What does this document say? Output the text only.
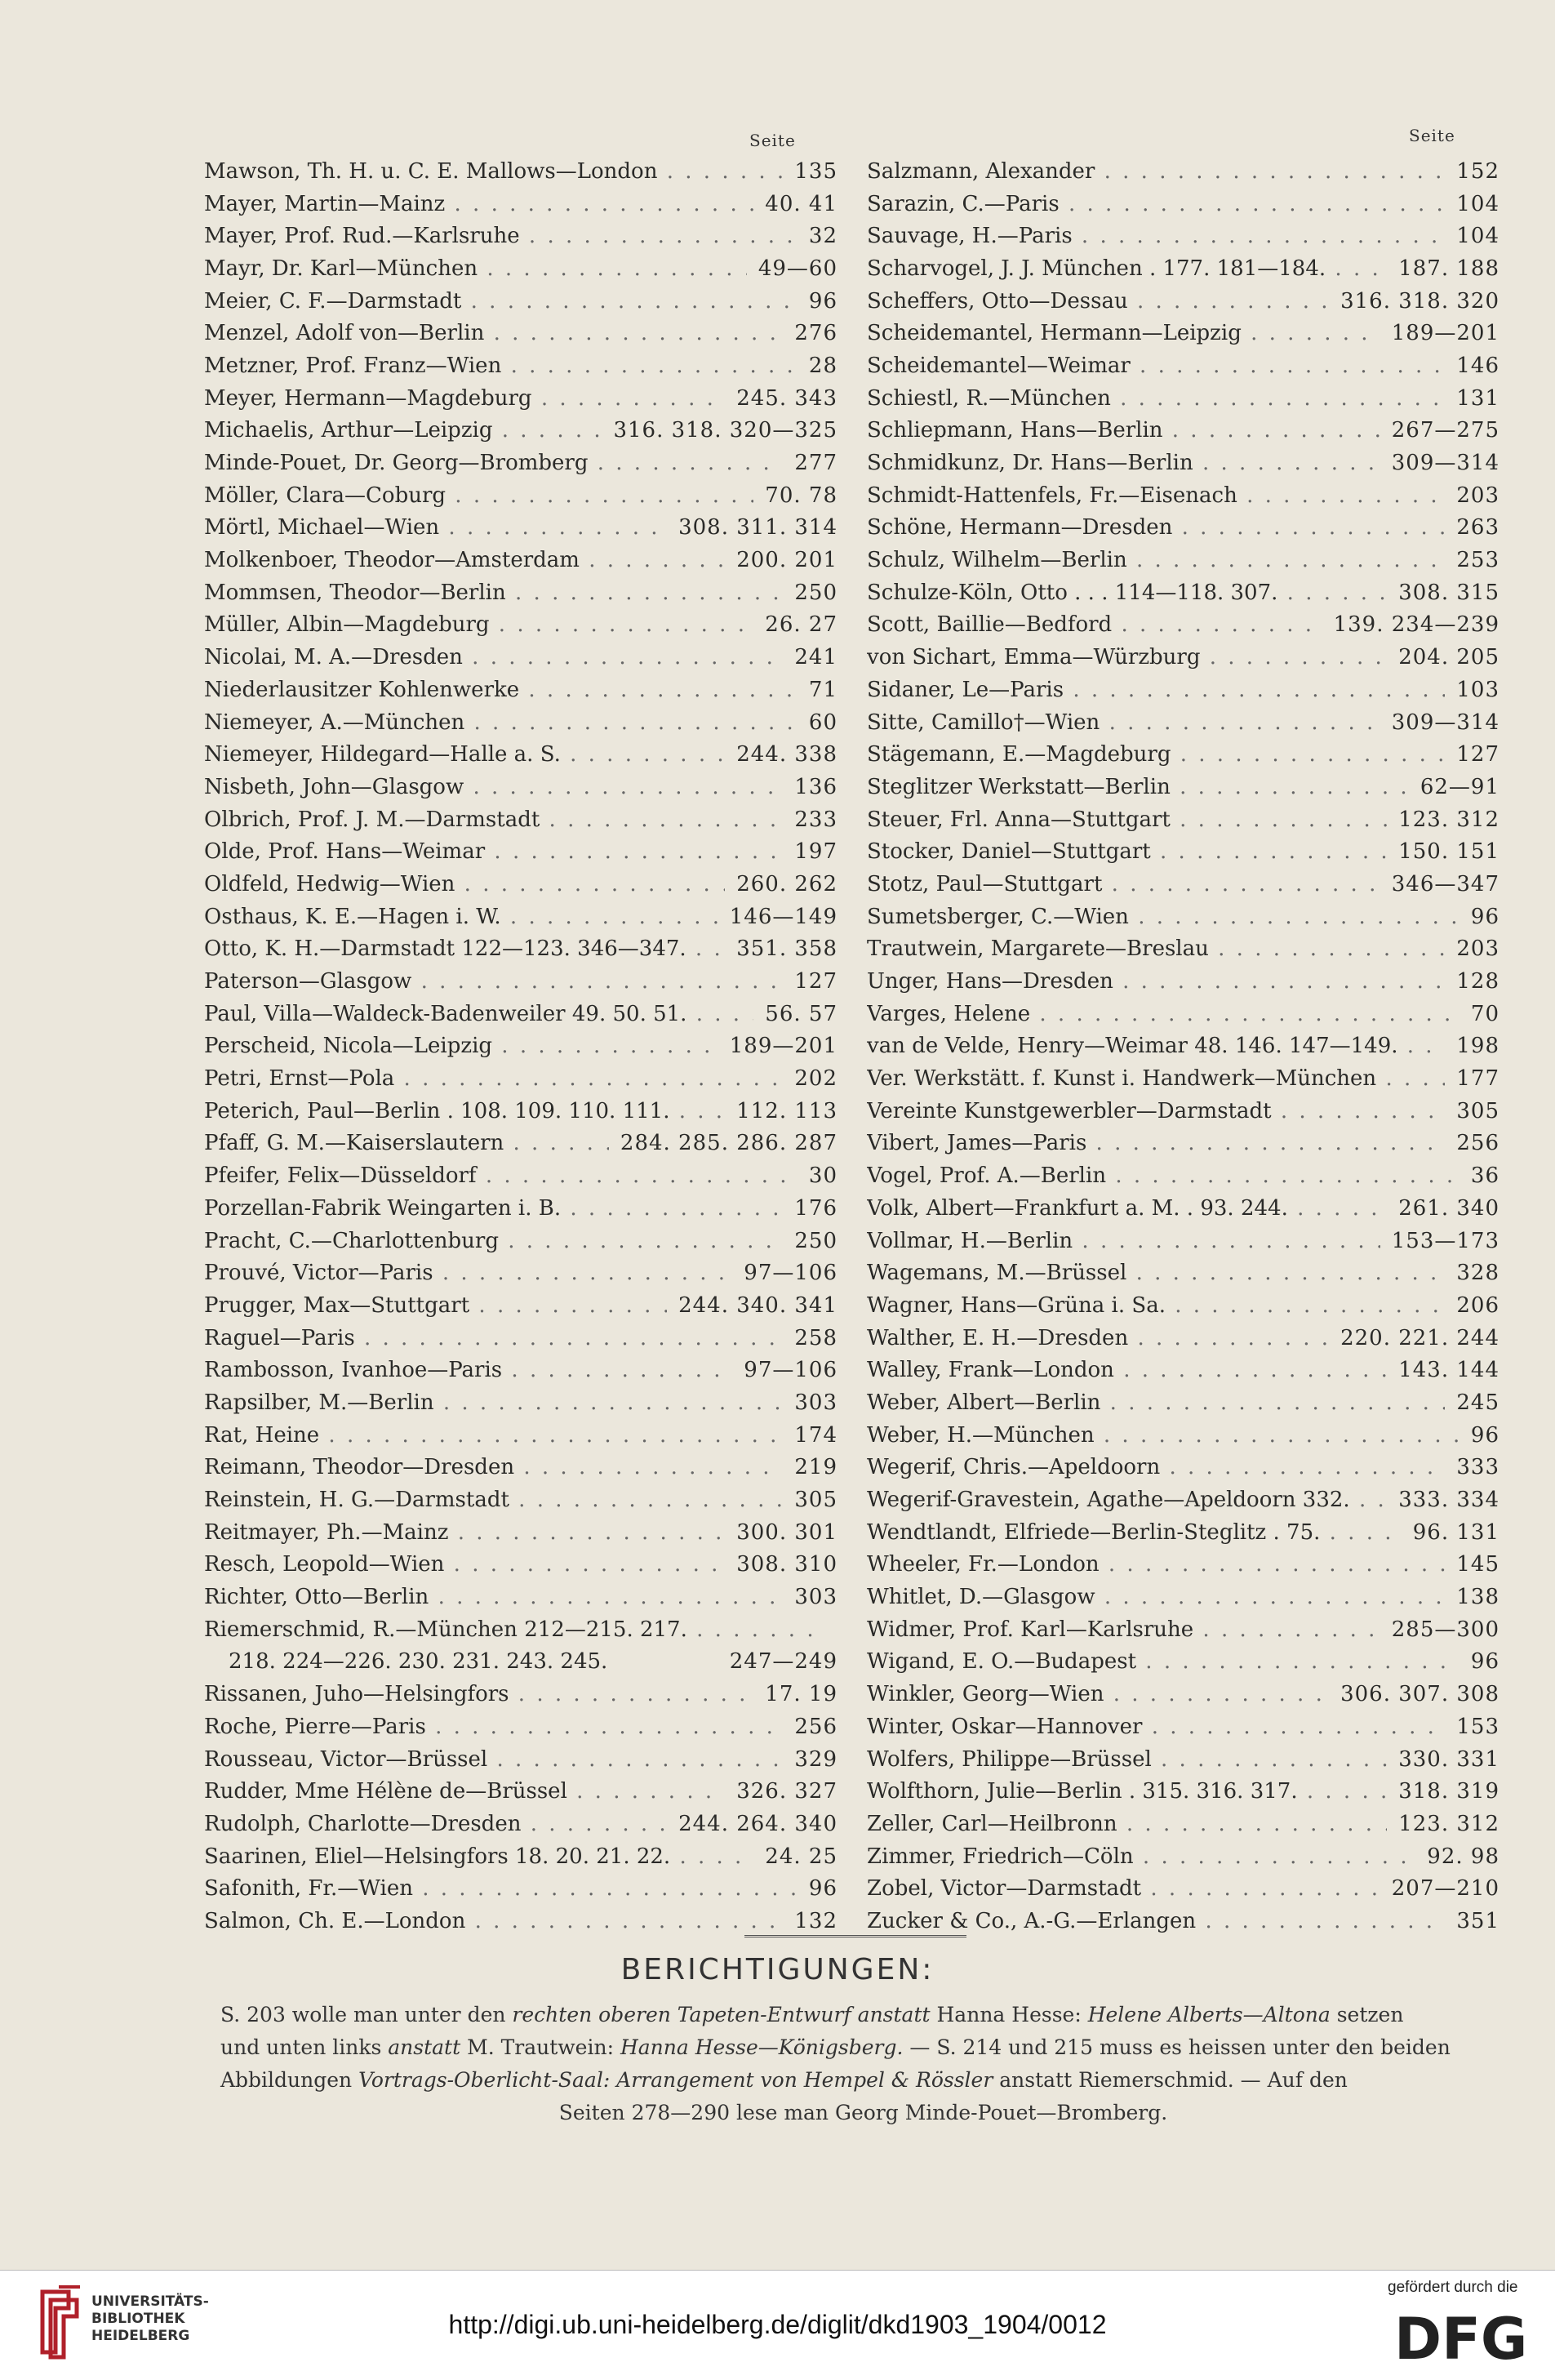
Seite	Seite
Mawson, Th. H. u. C. E. Mallows—London . . .	135
Mayer, Martin—Mainz . . .	40. 41
Mayer, Prof. Rud.—Karlsruhe . . .	32
Mayr, Dr. Karl—München . . .	49—60
Meier, C. F.—Darmstadt . . .	96
Menzel, Adolf von—Berlin . . .	276
Metzner, Prof. Franz—Wien . . .	28
Meyer, Hermann—Magdeburg . . .	245. 343
Michaelis, Arthur—Leipzig . . .	316. 318. 320—325
Minde-Pouet, Dr. Georg—Bromberg . . .	277
Möller, Clara—Coburg . . .	70. 78
Mörtl, Michael—Wien . . .	308. 311. 314
Molkenboer, Theodor—Amsterdam . . .	200. 201
Mommsen, Theodor—Berlin . . .	250
Müller, Albin—Magdeburg . . .	26. 27
Nicolai, M. A.—Dresden . . .	241
Niederlausitzer Kohlenwerke . . .	71
Niemeyer, A.—München . . .	60
Niemeyer, Hildegard—Halle a. S. . . .	244. 338
Nisbeth, John—Glasgow . . .	136
Olbrich, Prof. J. M.—Darmstadt . . .	233
Olde, Prof. Hans—Weimar . . .	197
Oldfeld, Hedwig—Wien . . .	260. 262
Osthaus, K. E.—Hagen i. W. . . .	146—149
Otto, K. H.—Darmstadt 122—123. 346—347. . . .	351. 358
Paterson—Glasgow . . .	127
Paul, Villa—Waldeck-Badenweiler 49. 50. 51. . . .	56. 57
Perscheid, Nicola—Leipzig . . .	189—201
Petri, Ernst—Pola . . .	202
Peterich, Paul—Berlin . 108. 109. 110. 111. . . .	112. 113
Pfaff, G. M.—Kaiserslautern . . .	284. 285. 286. 287
Pfeifer, Felix—Düsseldorf . . .	30
Porzellan-Fabrik Weingarten i. B. . . .	176
Pracht, C.—Charlottenburg . . .	250
Prouvé, Victor—Paris . . .	97—106
Prugger, Max—Stuttgart . . .	244. 340. 341
Raguel—Paris . . .	258
Rambosson, Ivanhoe—Paris . . .	97—106
Rapsilber, M.—Berlin . . .	303
Rat, Heine . . .	174
Reimann, Theodor—Dresden . . .	219
Reinstein, H. G.—Darmstadt . . .	305
Reitmayer, Ph.—Mainz . . .	300. 301
Resch, Leopold—Wien . . .	308. 310
Richter, Otto—Berlin . . .	303
Riemerschmid, R.—München 212—215. 217. . . .
218. 224—226. 230. 231. 243. 245.	247—249
Rissanen, Juho—Helsingfors . . .	17. 19
Roche, Pierre—Paris . . .	256
Rousseau, Victor—Brüssel . . .	329
Rudder, Mme Hélène de—Brüssel . . .	326. 327
Rudolph, Charlotte—Dresden . . .	244. 264. 340
Saarinen, Eliel—Helsingfors 18. 20. 21. 22. . . .	24. 25
Safonith, Fr.—Wien . . .	96
Salmon, Ch. E.—London . . .	132
Salzmann, Alexander . . .	152
Sarazin, C.—Paris . . .	104
Sauvage, H.—Paris . . .	104
Scharvogel, J. J. München . 177. 181—184. . . .	187. 188
Scheffers, Otto—Dessau . . .	316. 318. 320
Scheidemantel, Hermann—Leipzig . . .	189—201
Scheidemantel—Weimar . . .	146
Schiestl, R.—München . . .	131
Schliepmann, Hans—Berlin . . .	267—275
Schmidkunz, Dr. Hans—Berlin . . .	309—314
Schmidt-Hattenfels, Fr.—Eisenach . . .	203
Schöne, Hermann—Dresden . . .	263
Schulz, Wilhelm—Berlin . . .	253
Schulze-Köln, Otto . . . 114—118. 307. . . .	308. 315
Scott, Baillie—Bedford . . .	139. 234—239
von Sichart, Emma—Würzburg . . .	204. 205
Sidaner, Le—Paris . . .	103
Sitte, Camillo†—Wien . . .	309—314
Stägemann, E.—Magdeburg . . .	127
Steglitzer Werkstatt—Berlin . . .	62—91
Steuer, Frl. Anna—Stuttgart . . .	123. 312
Stocker, Daniel—Stuttgart . . .	150. 151
Stotz, Paul—Stuttgart . . .	346—347
Sumetsberger, C.—Wien . . .	96
Trautwein, Margarete—Breslau . . .	203
Unger, Hans—Dresden . . .	128
Varges, Helene . . .	70
van de Velde, Henry—Weimar 48. 146. 147—149. . . .	198
Ver. Werkstätt. f. Kunst i. Handwerk—München . . .	177
Vereinte Kunstgewerbler—Darmstadt . . .	305
Vibert, James—Paris . . .	256
Vogel, Prof. A.—Berlin . . .	36
Volk, Albert—Frankfurt a. M. . 93. 244. . . .	261. 340
Vollmar, H.—Berlin . . .	153—173
Wagemans, M.—Brüssel . . .	328
Wagner, Hans—Grüna i. Sa. . . .	206
Walther, E. H.—Dresden . . .	220. 221. 244
Walley, Frank—London . . .	143. 144
Weber, Albert—Berlin . . .	245
Weber, H.—München . . .	96
Wegerif, Chris.—Apeldoorn . . .	333
Wegerif-Gravestein, Agathe—Apeldoorn 332. . . .	333. 334
Wendtlandt, Elfriede—Berlin-Steglitz . 75. . . .	96. 131
Wheeler, Fr.—London . . .	145
Whitlet, D.—Glasgow . . .	138
Widmer, Prof. Karl—Karlsruhe . . .	285—300
Wigand, E. O.—Budapest . . .	96
Winkler, Georg—Wien . . .	306. 307. 308
Winter, Oskar—Hannover . . .	153
Wolfers, Philippe—Brüssel . . .	330. 331
Wolfthorn, Julie—Berlin . 315. 316. 317. . . .	318. 319
Zeller, Carl—Heilbronn . . .	123. 312
Zimmer, Friedrich—Cöln . . .	92. 98
Zobel, Victor—Darmstadt . . .	207—210
Zucker & Co., A.-G.—Erlangen . . .	351
BERICHTIGUNGEN:
S. 203 wolle man unter den rechten oberen Tapeten-Entwurf anstatt Hanna Hesse: Helene Alberts—Altona setzen
und unten links anstatt M. Trautwein: Hanna Hesse—Königsberg. — S. 214 und 215 muss es heissen unter den beiden
Abbildungen Vortrags-Oberlicht-Saal: Arrangement von Hempel & Rössler anstatt Riemerschmid. — Auf den
Seiten 278—290 lese man Georg Minde-Pouet—Bromberg.
UNIVERSITÄTS-
BIBLIOTHEK
HEIDELBERG	http://digi.ub.uni-heidelberg.de/diglit/dkd1903_1904/0012
gefördert durch die
DFG
